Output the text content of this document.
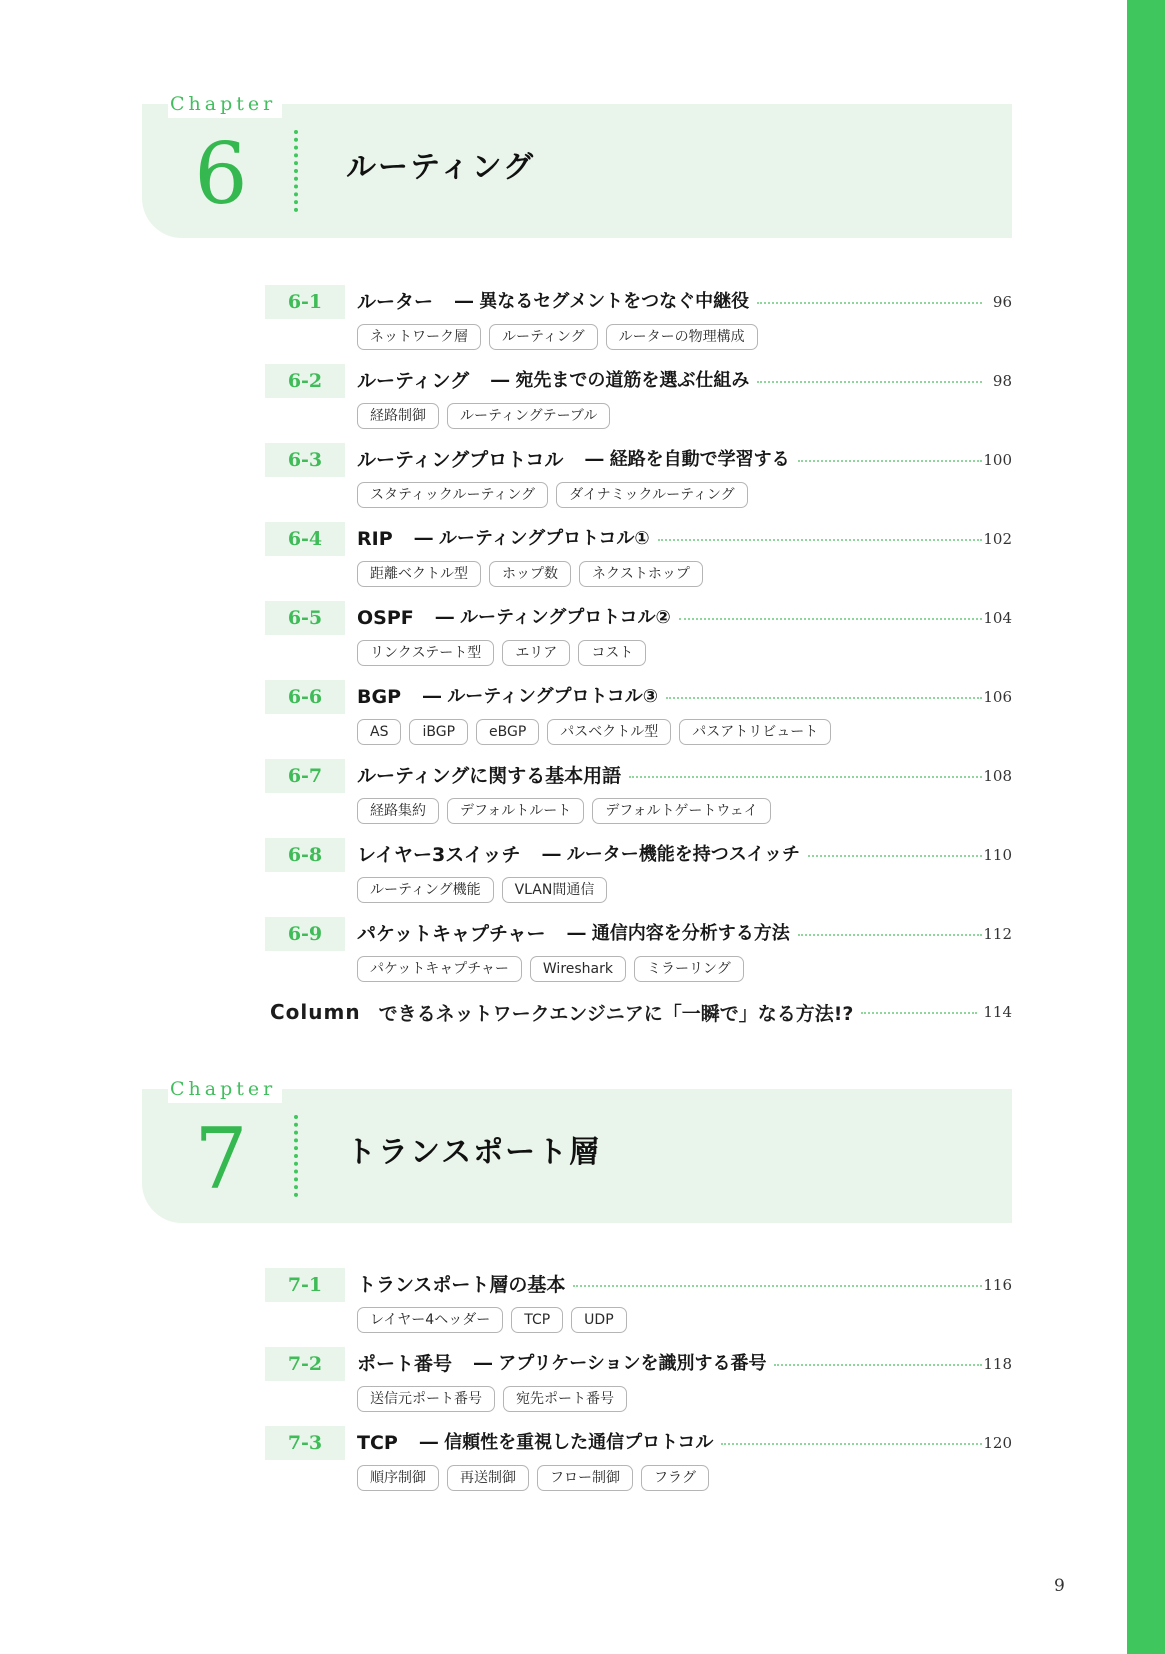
Chapter
6	ルーティング
6-1	ルーター ― 異なるセグメントをつなぐ中継役	96
ネットワーク層	ルーティング	ルーターの物理構成
6-2	ルーティング ― 宛先までの道筋を選ぶ仕組み	98
経路制御	ルーティングテーブル
6-3	ルーティングプロトコル ― 経路を自動で学習する	100
スタティックルーティング	ダイナミックルーティング
6-4	RIP ― ルーティングプロトコル①	102
距離ベクトル型	ホップ数	ネクストホップ
6-5	OSPF ― ルーティングプロトコル②	104
リンクステート型	エリア	コスト
6-6	BGP ― ルーティングプロトコル③	106
AS	iBGP	eBGP	パスベクトル型	パスアトリビュート
6-7	ルーティングに関する基本用語	108
経路集約	デフォルトルート	デフォルトゲートウェイ
6-8	レイヤー3スイッチ ― ルーター機能を持つスイッチ	110
ルーティング機能	VLAN間通信
6-9	パケットキャプチャー ― 通信内容を分析する方法	112
パケットキャプチャー	Wireshark	ミラーリング
Column できるネットワークエンジニアに「一瞬で」なる方法!?	114
Chapter
7	トランスポート層
7-1	トランスポート層の基本	116
レイヤー4ヘッダー	TCP	UDP
7-2	ポート番号 ― アプリケーションを識別する番号	118
送信元ポート番号	宛先ポート番号
7-3	TCP ― 信頼性を重視した通信プロトコル	120
順序制御	再送制御	フロー制御	フラグ
9
